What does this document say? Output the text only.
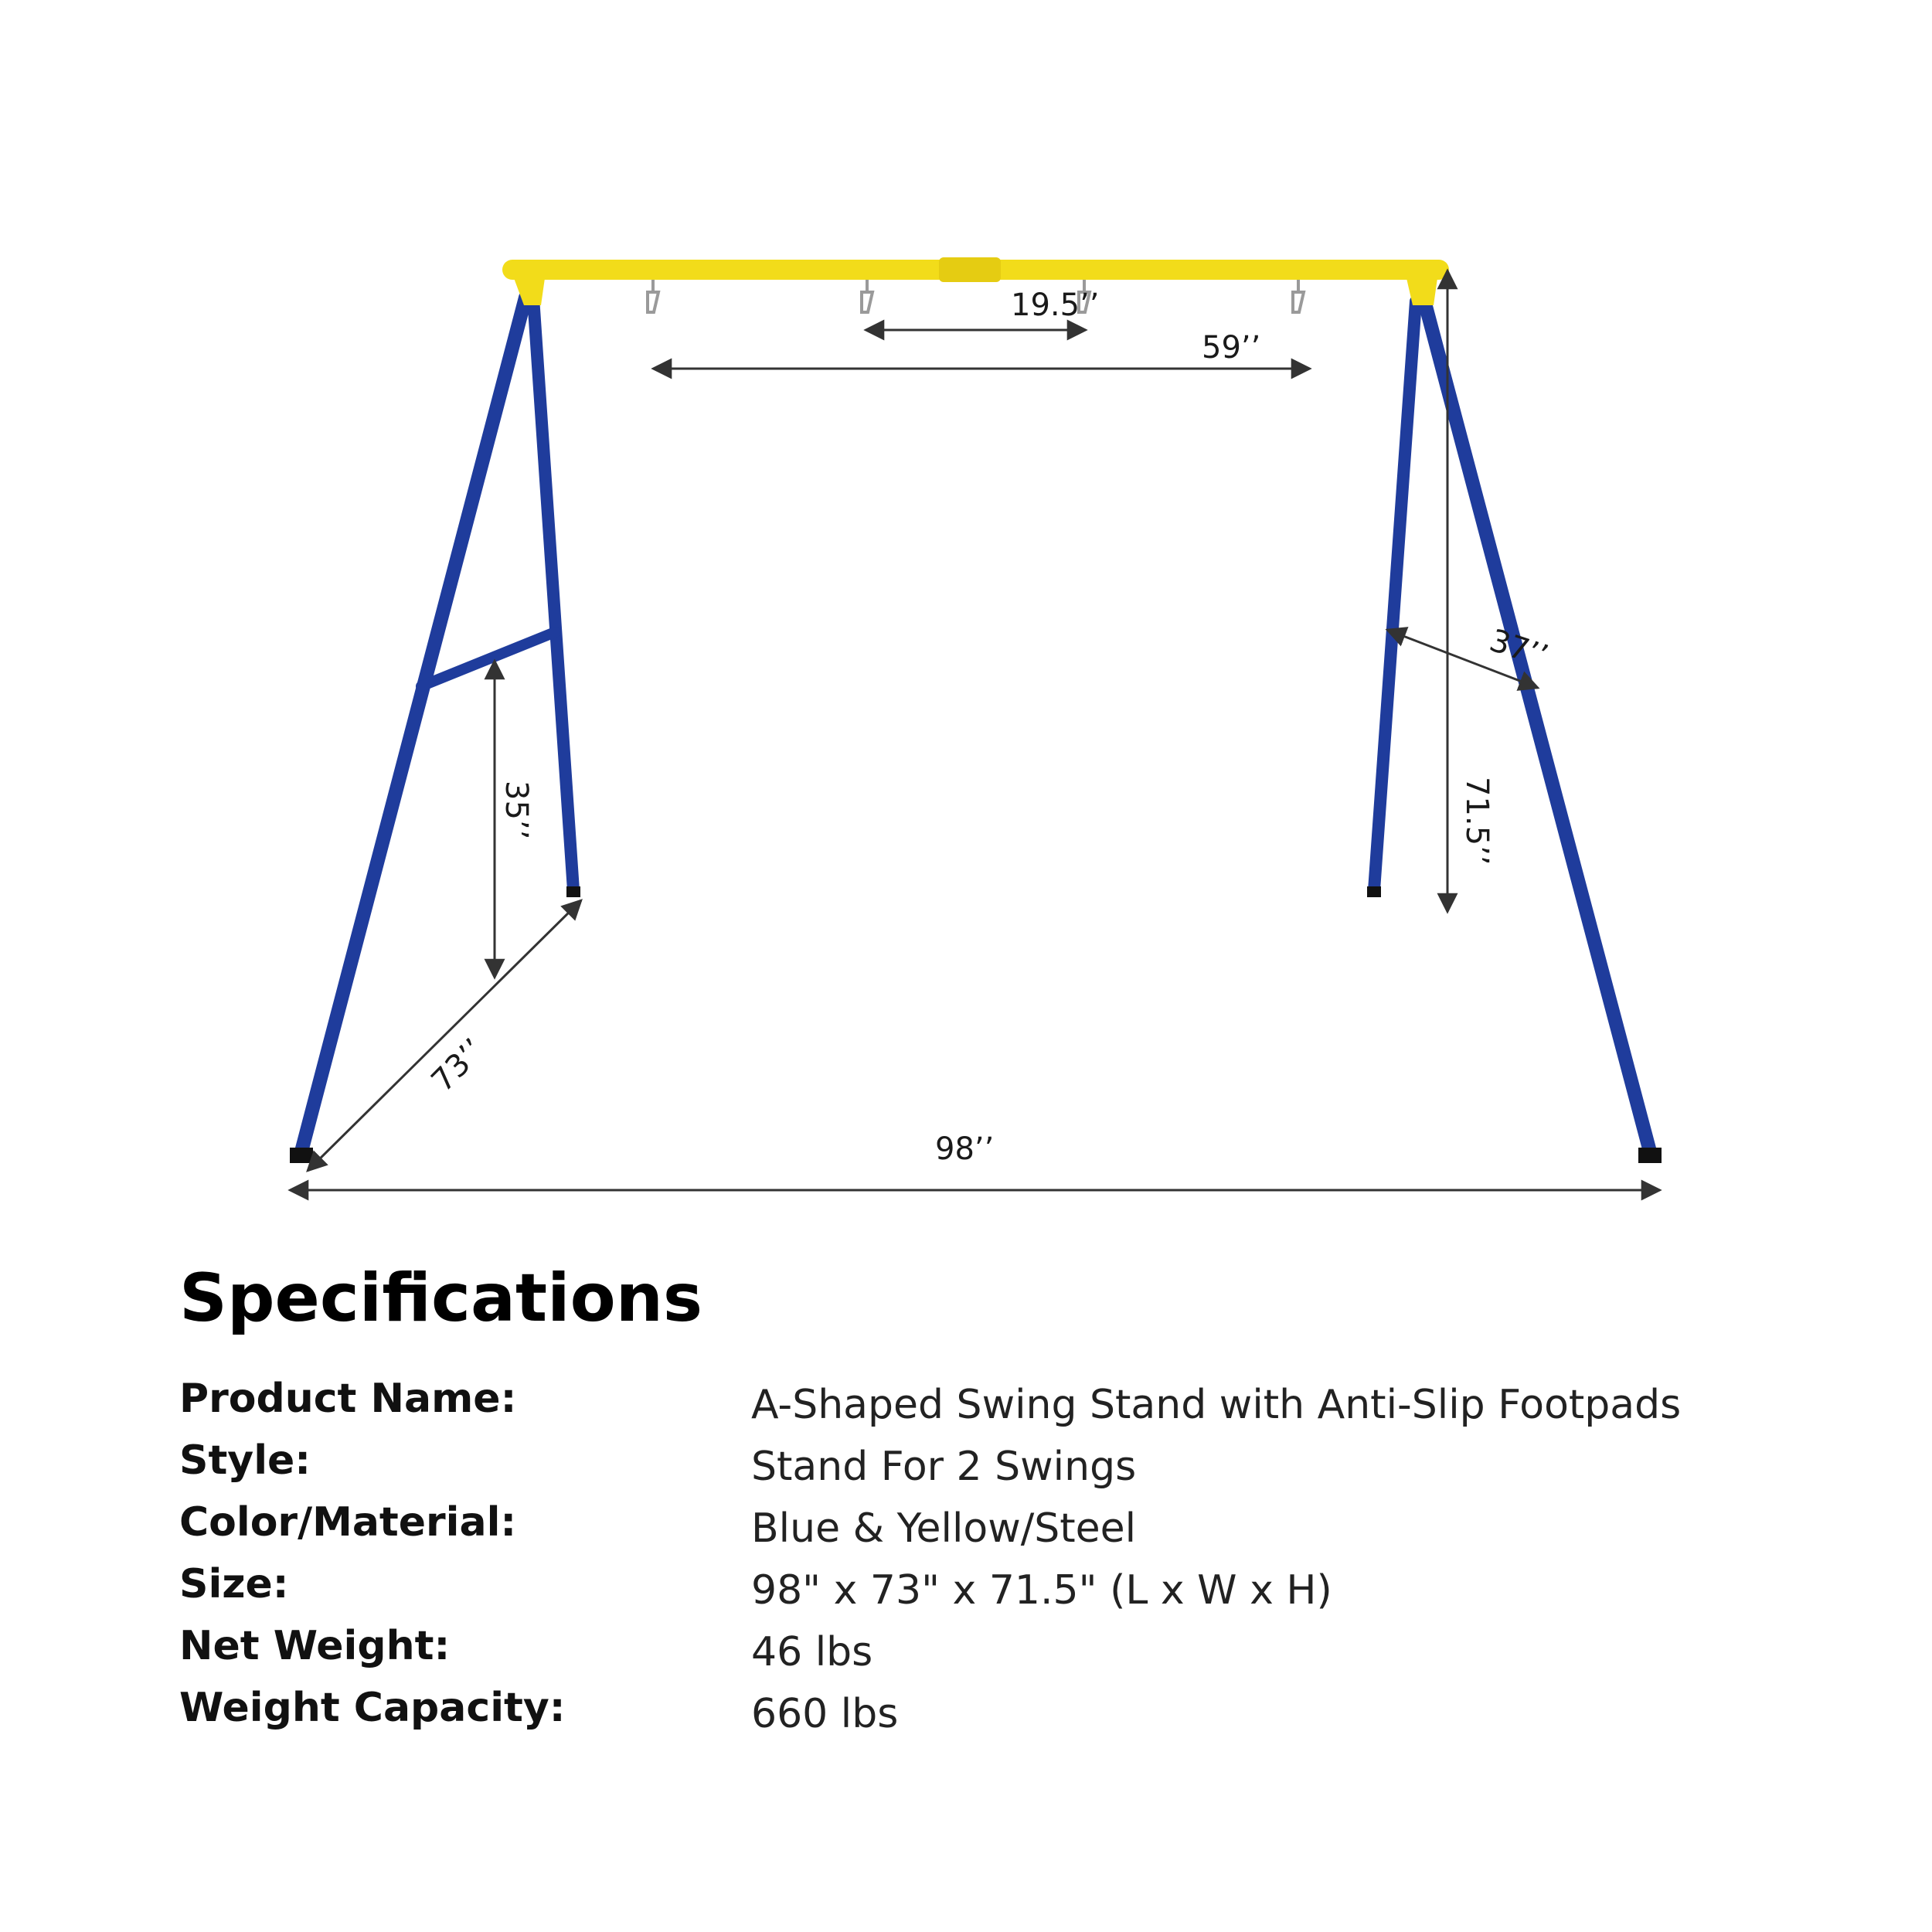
19.5’’
59’’
37’’
71.5’’
35’’
73’’
98’’
Specifications
Product Name:	A-Shaped Swing Stand with Anti-Slip Footpads
Style:	Stand For 2 Swings
Color/Material:	Blue & Yellow/Steel
Size:	98" x 73" x 71.5" (L x W x H)
Net Weight:	46 lbs
Weight Capacity:	660 lbs
